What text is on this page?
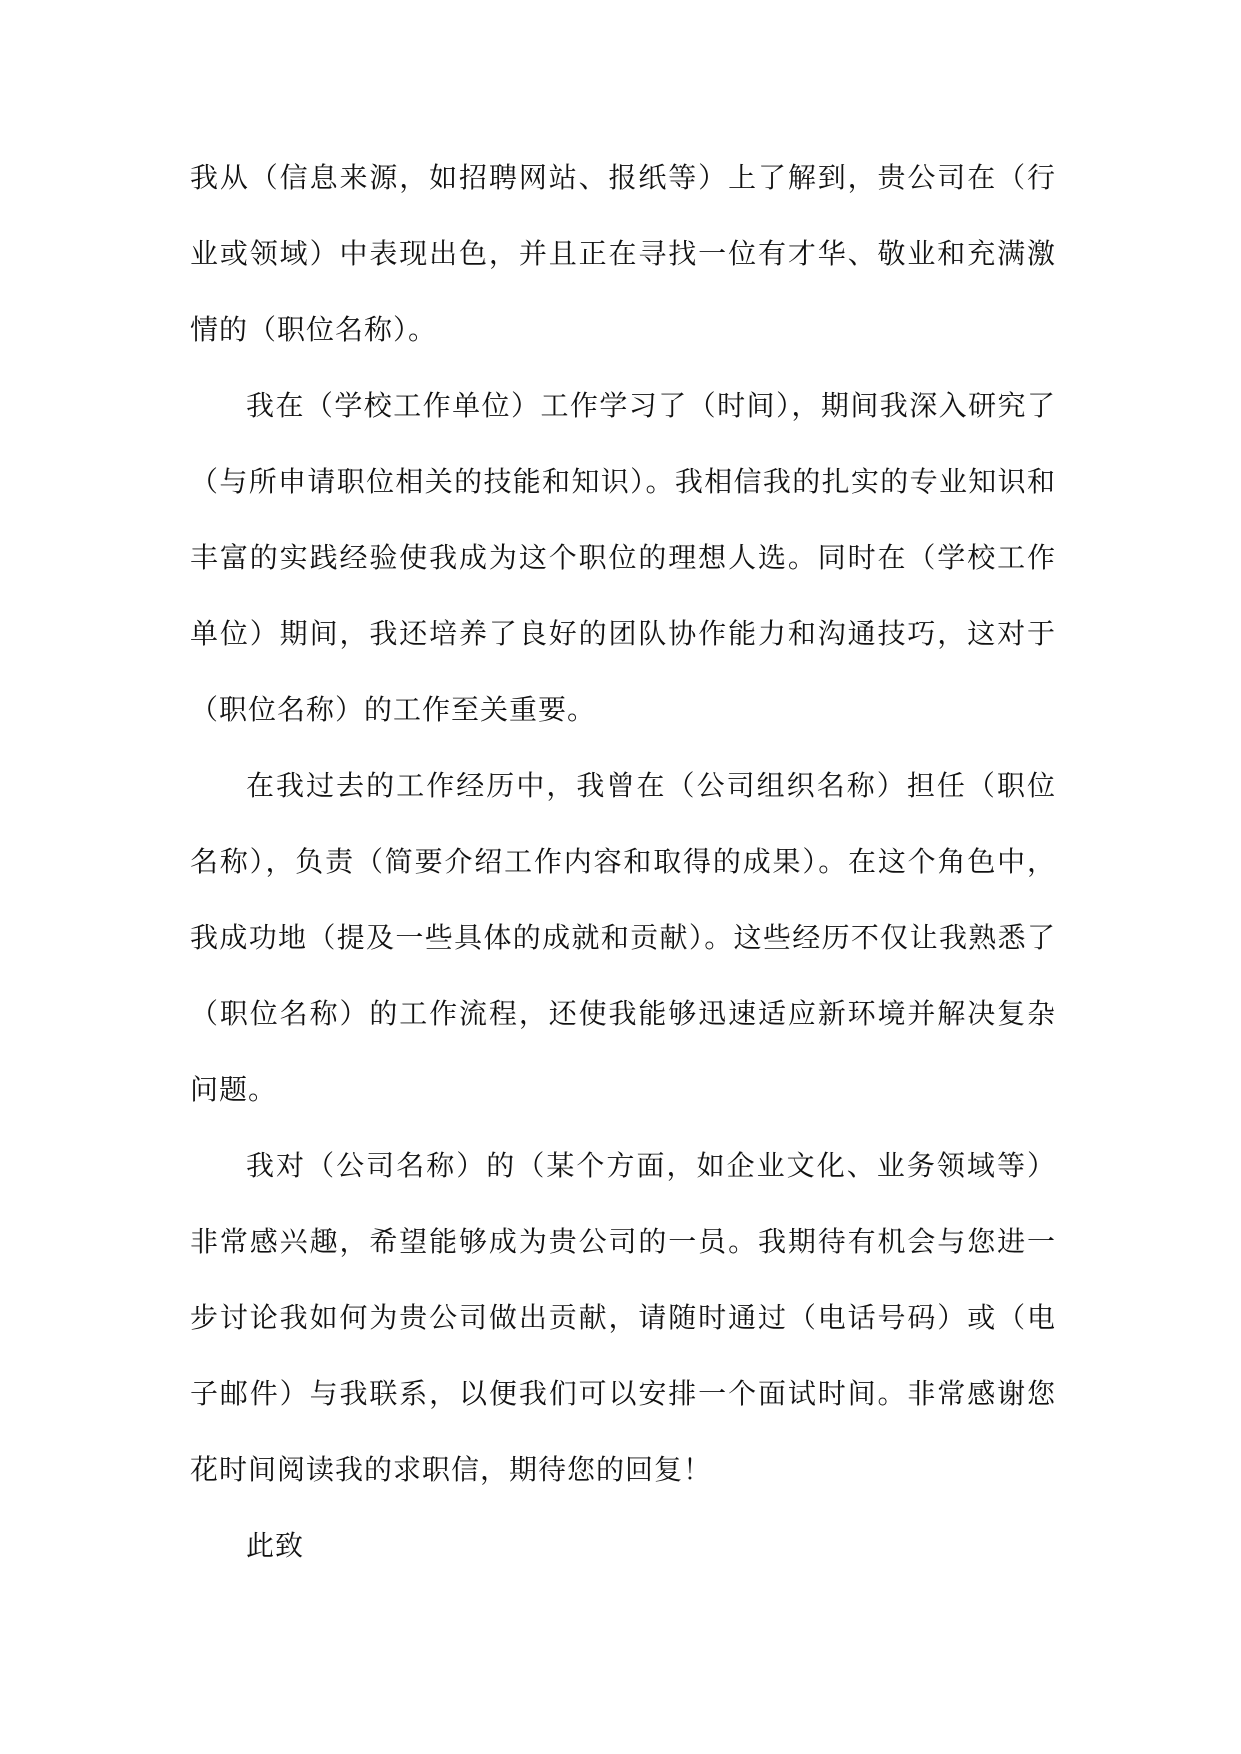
我从（信息来源，如招聘网站、报纸等）上了解到，贵公司在（行业或领域）中表现出色，并且正在寻找一位有才华、敬业和充满激情的（职位名称）。

我在（学校工作单位）工作学习了（时间），期间我深入研究了（与所申请职位相关的技能和知识）。我相信我的扎实的专业知识和丰富的实践经验使我成为这个职位的理想人选。同时在（学校工作单位）期间，我还培养了良好的团队协作能力和沟通技巧，这对于（职位名称）的工作至关重要。

在我过去的工作经历中，我曾在（公司组织名称）担任（职位名称），负责（简要介绍工作内容和取得的成果）。在这个角色中，我成功地（提及一些具体的成就和贡献）。这些经历不仅让我熟悉了（职位名称）的工作流程，还使我能够迅速适应新环境并解决复杂问题。

我对（公司名称）的（某个方面，如企业文化、业务领域等）非常感兴趣，希望能够成为贵公司的一员。我期待有机会与您进一步讨论我如何为贵公司做出贡献，请随时通过（电话号码）或（电子邮件）与我联系，以便我们可以安排一个面试时间。非常感谢您花时间阅读我的求职信，期待您的回复！

此致
